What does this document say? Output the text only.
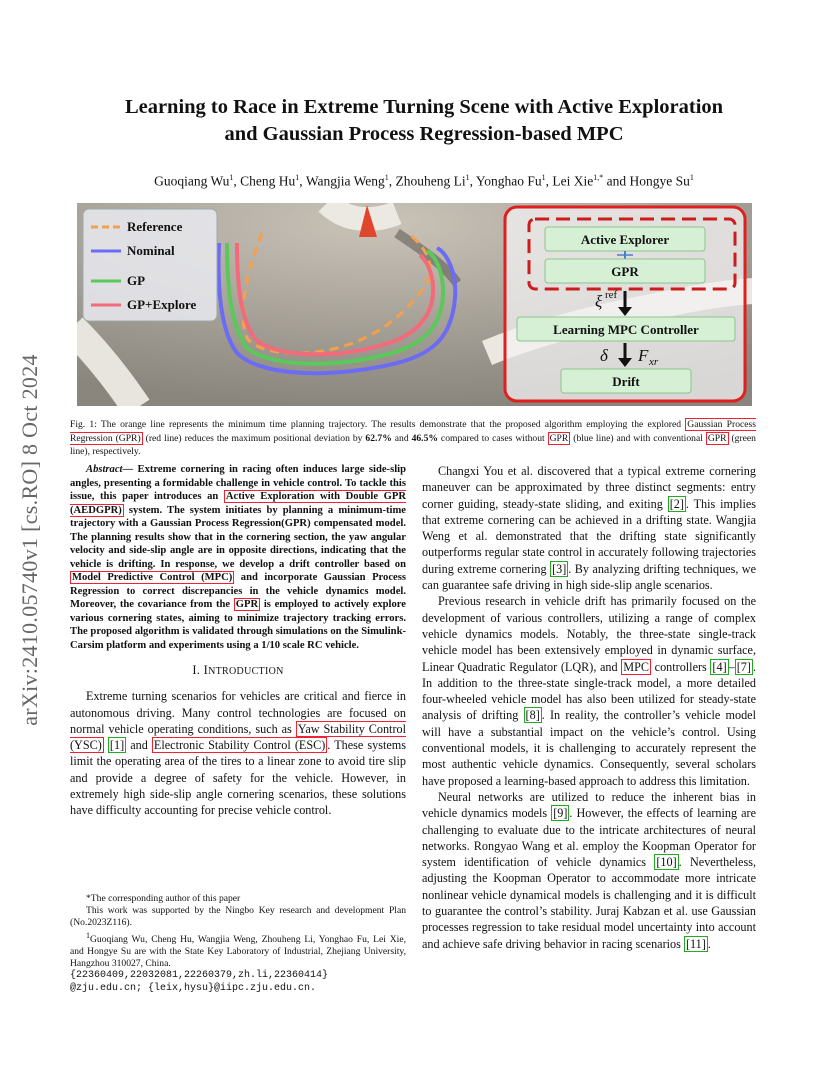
arXiv:2410.05740v1 [cs.RO] 8 Oct 2024
Learning to Race in Extreme Turning Scene with Active Exploration
and Gaussian Process Regression-based MPC
Guoqiang Wu$^1$, Cheng Hu$^1$, Wangjia Weng$^1$, Zhouheng Li$^1$, Yonghao Fu$^1$, Lei Xie$^{1,*}$ and Hongye Su$^1$
Reference
Nominal
GP
GP+Explore
Active Explorer
GPR
ξ ref
Learning MPC Controller
δ F xr
Drift
Fig. 1: The orange line represents the minimum time planning trajectory. The results demonstrate that the proposed algorithm employing the explored Gaussian Process Regression (GPR) (red line) reduces the maximum positional deviation by 62.7% and 46.5% compared to cases without GPR (blue line) and with conventional GPR (green line), respectively.

Abstract— Extreme cornering in racing often induces large side-slip angles, presenting a formidable challenge in vehicle control. To tackle this issue, this paper introduces an Active Exploration with Double GPR (AEDGPR) system. The system initiates by planning a minimum-time trajectory with a Gaussian Process Regression(GPR) compensated model. The planning results show that in the cornering section, the yaw angular velocity and side-slip angle are in opposite directions, indicating that the vehicle is drifting. In response, we develop a drift controller based on Model Predictive Control (MPC) and incorporate Gaussian Process Regression to correct discrepancies in the vehicle dynamics model. Moreover, the covariance from the GPR is employed to actively explore various cornering states, aiming to minimize trajectory tracking errors. The proposed algorithm is validated through simulations on the Simulink-Carsim platform and experiments using a 1/10 scale RC vehicle.

I. INTRODUCTION

Extreme turning scenarios for vehicles are critical and fierce in autonomous driving. Many control technologies are focused on normal vehicle operating conditions, such as Yaw Stability Control (YSC) [1] and Electronic Stability Control (ESC) . These systems limit the operating area of the tires to a linear zone to avoid tire slip and provide a degree of safety for the vehicle. However, in extremely high side-slip angle cornering scenarios, these solutions have difficulty accounting for precise vehicle control.

*The corresponding author of this paper

This work was supported by the Ningbo Key research and development Plan (No.2023Z116).

$^1$Guoqiang Wu, Cheng Hu, Wangjia Weng, Zhouheng Li, Yonghao Fu, Lei Xie, and Hongye Su are with the State Key Laboratory of Industrial, Zhejiang University, Hangzhou 310027, China.

{22360409,22032081,22260379,zh.li,22360414}

@zju.edu.cn; {leix,hysu}@iipc.zju.edu.cn.

Changxi You et al. discovered that a typical extreme cornering maneuver can be approximated by three distinct segments: entry corner guiding, steady-state sliding, and exiting [2] . This implies that extreme cornering can be achieved in a drifting state. Wangjia Weng et al. demonstrated that the drifting state significantly outperforms regular state control in accurately following trajectories during extreme cornering [3] . By analyzing drifting techniques, we can guarantee safe driving in high side-slip angle scenarios.

Previous research in vehicle drift has primarily focused on the development of various controllers, utilizing a range of complex vehicle dynamics models. Notably, the three-state single-track vehicle model has been extensively employed in dynamic surface, Linear Quadratic Regulator (LQR), and MPC controllers [4] – [7] . In addition to the three-state single-track model, a more detailed four-wheeled vehicle model has also been utilized for steady-state analysis of drifting [8] . In reality, the controller’s vehicle model will have a substantial impact on the vehicle’s control. Using conventional models, it is challenging to accurately represent the most authentic vehicle dynamics. Consequently, several scholars have proposed a learning-based approach to address this limitation.

Neural networks are utilized to reduce the inherent bias in vehicle dynamics models [9] . However, the effects of learning are challenging to evaluate due to the intricate architectures of neural networks. Rongyao Wang et al. employ the Koopman Operator for system identification of vehicle dynamics [10] . Nevertheless, adjusting the Koopman Operator to accommodate more intricate nonlinear vehicle dynamical models is challenging and it is difficult to guarantee the control’s stability. Juraj Kabzan et al. use Gaussian processes regression to take residual model uncertainty into account and achieve safe driving behavior in racing scenarios [11] .
